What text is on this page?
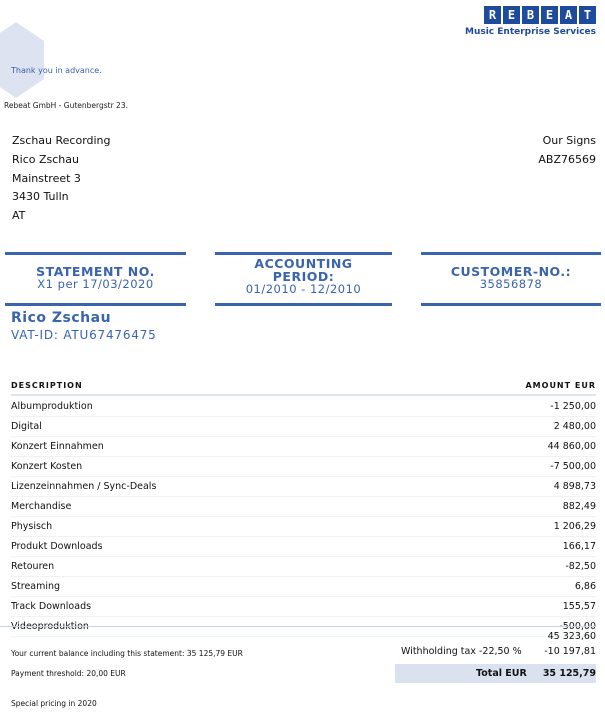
Thank you in advance.
R E B E A T
Music Enterprise Services
Rebeat GmbH - Gutenbergstr 23.
Zschau Recording
Rico Zschau
Mainstreet 3
3430 Tulln
AT
Our Signs
ABZ76569
STATEMENT NO.
X1 per 17/03/2020
ACCOUNTING
PERIOD:
01/2010 - 12/2010
CUSTOMER-NO.:
35856878
Rico Zschau
VAT-ID: ATU67476475
DESCRIPTION	AMOUNT EUR
Albumproduktion	-1 250,00
Digital	2 480,00
Konzert Einnahmen	44 860,00
Konzert Kosten	-7 500,00
Lizenzeinnahmen / Sync-Deals	4 898,73
Merchandise	882,49
Physisch	1 206,29
Produkt Downloads	166,17
Retouren	-82,50
Streaming	6,86
Track Downloads	155,57
Videoproduktion	-500,00
45 323,60
Your current balance including this statement: 35 125,79 EUR
Payment threshold: 20,00 EUR
Withholding tax -22,50 % -10 197,81
Total EUR 35 125,79
Special pricing in 2020
